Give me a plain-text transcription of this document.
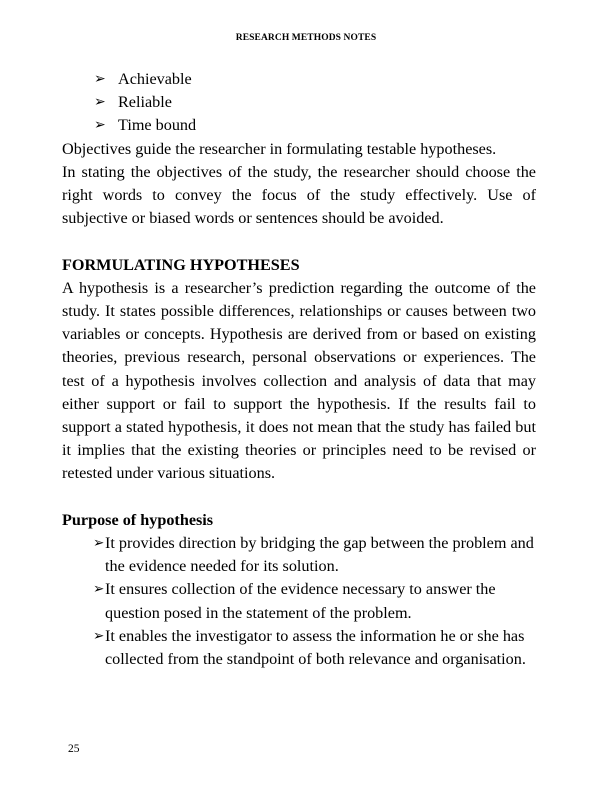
RESEARCH METHODS NOTES
➢ Achievable
➢ Reliable
➢ Time bound

Objectives guide the researcher in formulating testable hypotheses.

In stating the objectives of the study, the researcher should choose the right words to convey the focus of the study effectively. Use of subjective or biased words or sentences should be avoided.

FORMULATING HYPOTHESES

A hypothesis is a researcher’s prediction regarding the outcome of the study. It states possible differences, relationships or causes between two variables or concepts. Hypothesis are derived from or based on existing theories, previous research, personal observations or experiences. The test of a hypothesis involves collection and analysis of data that may either support or fail to support the hypothesis. If the results fail to support a stated hypothesis, it does not mean that the study has failed but it implies that the existing theories or principles need to be revised or retested under various situations.

Purpose of hypothesis

➢ It provides direction by bridging the gap between the problem and the evidence needed for its solution.
➢ It ensures collection of the evidence necessary to answer the question posed in the statement of the problem.
➢ It enables the investigator to assess the information he or she has collected from the standpoint of both relevance and organisation.
25
